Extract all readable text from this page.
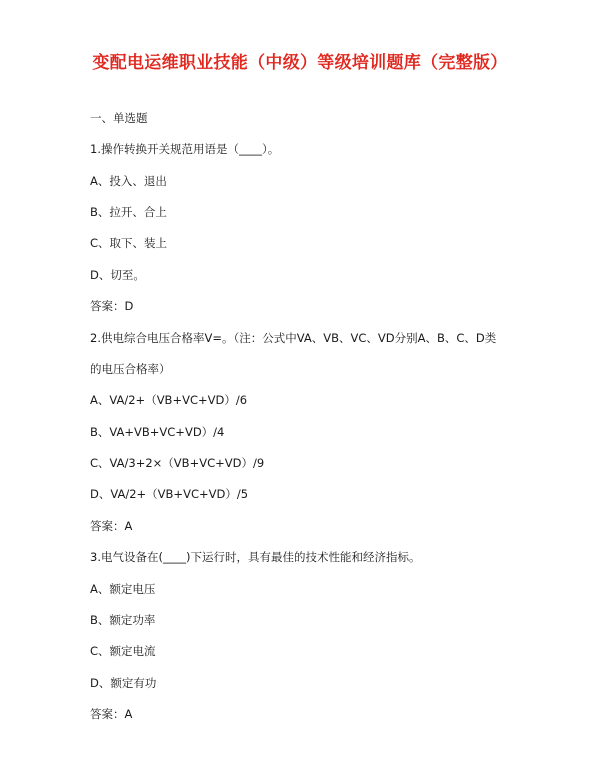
变配电运维职业技能（中级）等级培训题库（完整版）
一、单选题
1.操作转换开关规范用语是（____）。
A、投入、退出
B、拉开、合上
C、取下、装上
D、切至。
答案：D
2.供电综合电压合格率V=。（注：公式中VA、VB、VC、VD分别A、B、C、D类
的电压合格率）
A、VA/2+（VB+VC+VD）/6
B、VA+VB+VC+VD）/4
C、VA/3+2×（VB+VC+VD）/9
D、VA/2+（VB+VC+VD）/5
答案：A
3.电气设备在(____)下运行时，具有最佳的技术性能和经济指标。
A、额定电压
B、额定功率
C、额定电流
D、额定有功
答案：A
